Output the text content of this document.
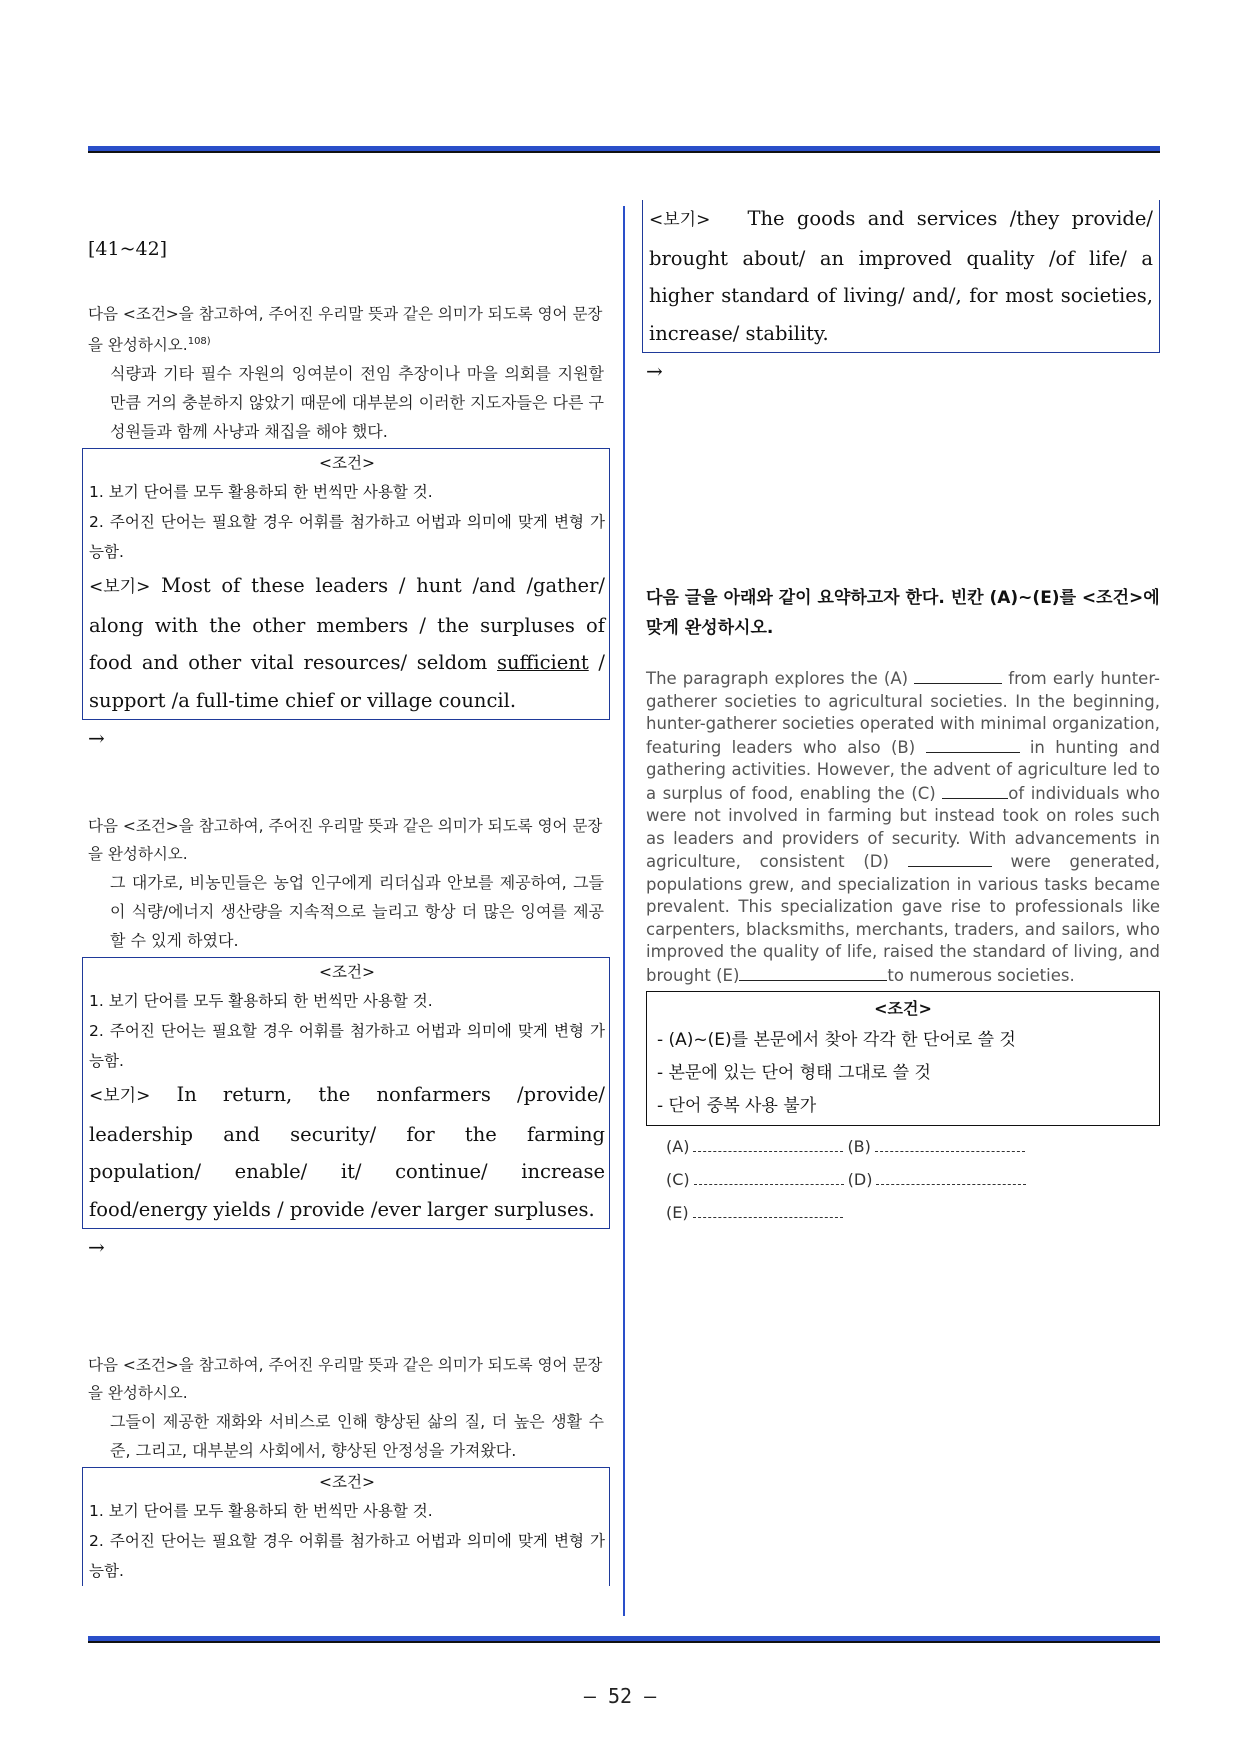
[41~42]
다음 <조건>을 참고하여, 주어진 우리말 뜻과 같은 의미가 되도록 영어 문장을 완성하시오.$^{108)}$
식량과 기타 필수 자원의 잉여분이 전임 추장이나 마을 의회를 지원할 만큼 거의 충분하지 않았기 때문에 대부분의 이러한 지도자들은 다른 구성원들과 함께 사냥과 채집을 해야 했다.
<조건>
1. 보기 단어를 모두 활용하되 한 번씩만 사용할 것.
2. 주어진 단어는 필요할 경우 어휘를 첨가하고 어법과 의미에 맞게 변형 가능함.
<보기> Most of these leaders / hunt /and /gather/
along with the other members / the surpluses of
food and other vital resources/ seldom sufficient /
support /a full-time chief or village council.
→
다음 <조건>을 참고하여, 주어진 우리말 뜻과 같은 의미가 되도록 영어 문장을 완성하시오.
그 대가로, 비농민들은 농업 인구에게 리더십과 안보를 제공하여, 그들이 식량/에너지 생산량을 지속적으로 늘리고 항상 더 많은 잉여를 제공할 수 있게 하였다.
<조건>
1. 보기 단어를 모두 활용하되 한 번씩만 사용할 것.
2. 주어진 단어는 필요할 경우 어휘를 첨가하고 어법과 의미에 맞게 변형 가능함.
<보기> In return, the nonfarmers /provide/
leadership and security/ for the farming
population/ enable/ it/ continue/ increase
food/energy yields / provide /ever larger surpluses.
→
다음 <조건>을 참고하여, 주어진 우리말 뜻과 같은 의미가 되도록 영어 문장을 완성하시오.
그들이 제공한 재화와 서비스로 인해 향상된 삶의 질, 더 높은 생활 수준, 그리고, 대부분의 사회에서, 향상된 안정성을 가져왔다.
<조건>
1. 보기 단어를 모두 활용하되 한 번씩만 사용할 것.
2. 주어진 단어는 필요할 경우 어휘를 첨가하고 어법과 의미에 맞게 변형 가능함.
<보기> The goods and services /they provide/ brought about/ an improved quality /of life/ a higher standard of living/ and/, for most societies, increase/ stability.
→
다음 글을 아래와 같이 요약하고자 한다. 빈칸 (A)~(E)를 <조건>에 맞게 완성하시오.
The paragraph explores the (A)	from early hunter-gatherer societies to agricultural societies. In the beginning, hunter-gatherer societies operated with minimal organization, featuring leaders who also (B)	in hunting and gathering activities. However, the advent of agriculture led to a surplus of food, enabling the (C)	of individuals who were not involved in farming but instead took on roles such as leaders and providers of security. With advancements in agriculture, consistent (D)	were generated, populations grew, and specialization in various tasks became prevalent. This specialization gave rise to professionals like carpenters, blacksmiths, merchants, traders, and sailors, who improved the quality of life, raised the standard of living, and brought (E)	to numerous societies.
<조건>
- (A)~(E)를 본문에서 찾아 각각 한 단어로 쓸 것
- 본문에 있는 단어 형태 그대로 쓸 것
- 단어 중복 사용 불가
(A)	(B)
(C)	(D)
(E)
– 52 –
